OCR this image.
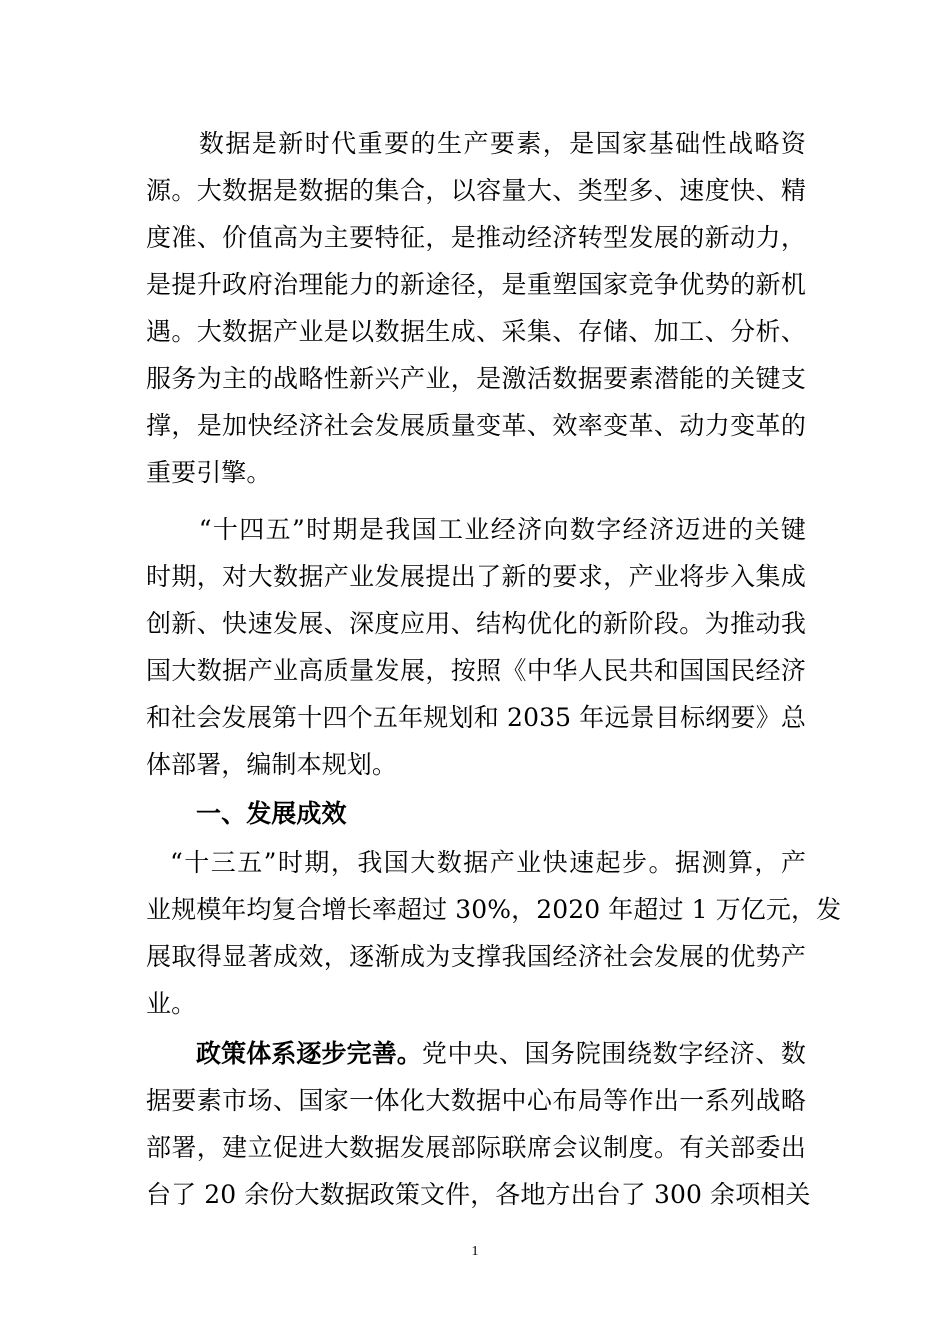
　　数据是新时代重要的生产要素，是国家基础性战略资
源。大数据是数据的集合，以容量大、类型多、速度快、精
度准、价值高为主要特征，是推动经济转型发展的新动力，
是提升政府治理能力的新途径，是重塑国家竞争优势的新机
遇。大数据产业是以数据生成、采集、存储、加工、分析、
服务为主的战略性新兴产业，是激活数据要素潜能的关键支
撑，是加快经济社会发展质量变革、效率变革、动力变革的
重要引擎。
　　“十四五”时期是我国工业经济向数字经济迈进的关键
时期，对大数据产业发展提出了新的要求，产业将步入集成
创新、快速发展、深度应用、结构优化的新阶段。为推动我
国大数据产业高质量发展，按照《中华人民共和国国民经济
和社会发展第十四个五年规划和 2035 年远景目标纲要》总
体部署，编制本规划。
一、发展成效
“十三五”时期，我国大数据产业快速起步。据测算，产
业规模年均复合增长率超过 30%，2020 年超过 1 万亿元，发
展取得显著成效，逐渐成为支撑我国经济社会发展的优势产
业。
政策体系逐步完善。 党中央、国务院围绕数字经济、数
据要素市场、国家一体化大数据中心布局等作出一系列战略
部署，建立促进大数据发展部际联席会议制度。有关部委出
台了 20 余份大数据政策文件，各地方出台了 300 余项相关
1
